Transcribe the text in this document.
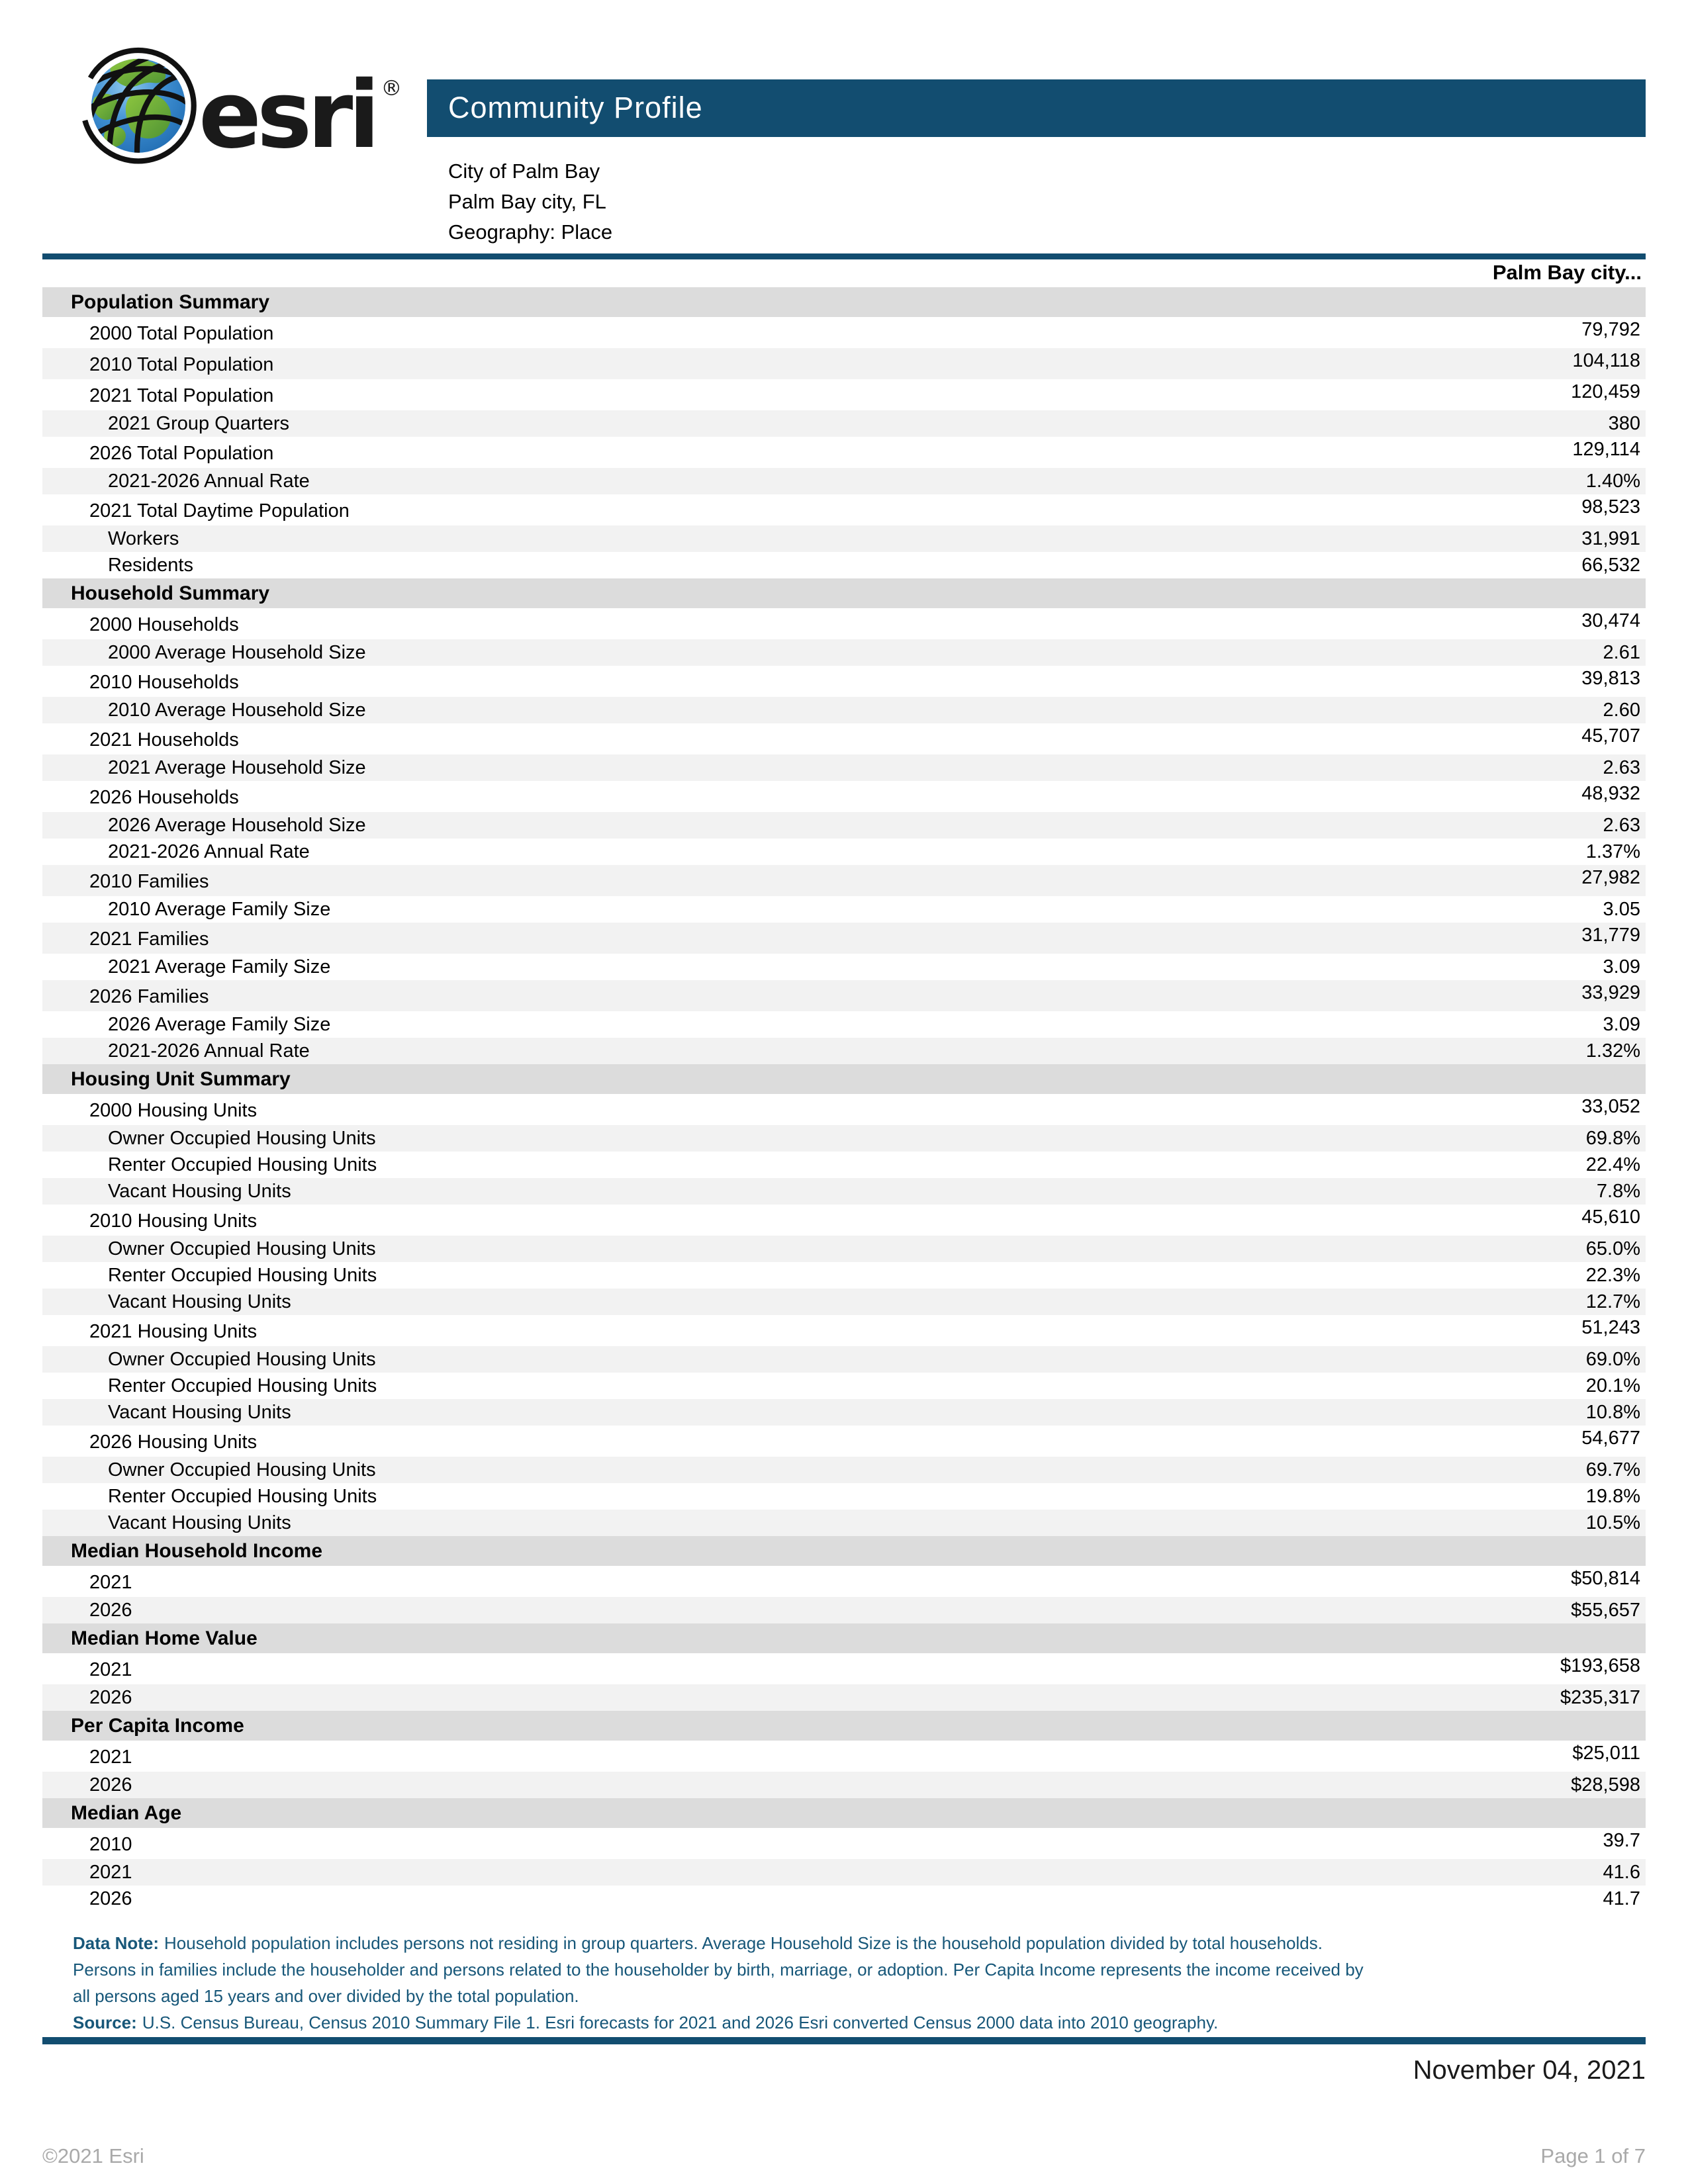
esri ®
Community Profile
City of Palm Bay
Palm Bay city, FL
Geography: Place
Palm Bay city...
Population Summary
2000 Total Population	79,792
2010 Total Population	104,118
2021 Total Population	120,459
2021 Group Quarters	380
2026 Total Population	129,114
2021-2026 Annual Rate	1.40%
2021 Total Daytime Population	98,523
Workers	31,991
Residents	66,532
Household Summary
2000 Households	30,474
2000 Average Household Size	2.61
2010 Households	39,813
2010 Average Household Size	2.60
2021 Households	45,707
2021 Average Household Size	2.63
2026 Households	48,932
2026 Average Household Size	2.63
2021-2026 Annual Rate	1.37%
2010 Families	27,982
2010 Average Family Size	3.05
2021 Families	31,779
2021 Average Family Size	3.09
2026 Families	33,929
2026 Average Family Size	3.09
2021-2026 Annual Rate	1.32%
Housing Unit Summary
2000 Housing Units	33,052
Owner Occupied Housing Units	69.8%
Renter Occupied Housing Units	22.4%
Vacant Housing Units	7.8%
2010 Housing Units	45,610
Owner Occupied Housing Units	65.0%
Renter Occupied Housing Units	22.3%
Vacant Housing Units	12.7%
2021 Housing Units	51,243
Owner Occupied Housing Units	69.0%
Renter Occupied Housing Units	20.1%
Vacant Housing Units	10.8%
2026 Housing Units	54,677
Owner Occupied Housing Units	69.7%
Renter Occupied Housing Units	19.8%
Vacant Housing Units	10.5%
Median Household Income
2021	$50,814
2026	$55,657
Median Home Value
2021	$193,658
2026	$235,317
Per Capita Income
2021	$25,011
2026	$28,598
Median Age
2010	39.7
2021	41.6
2026	41.7
Data Note: Household population includes persons not residing in group quarters. Average Household Size is the household population divided by total households.
Persons in families include the householder and persons related to the householder by birth, marriage, or adoption. Per Capita Income represents the income received by
all persons aged 15 years and over divided by the total population.
Source: U.S. Census Bureau, Census 2010 Summary File 1. Esri forecasts for 2021 and 2026 Esri converted Census 2000 data into 2010 geography.
November 04, 2021
©2021 Esri	Page 1 of 7
